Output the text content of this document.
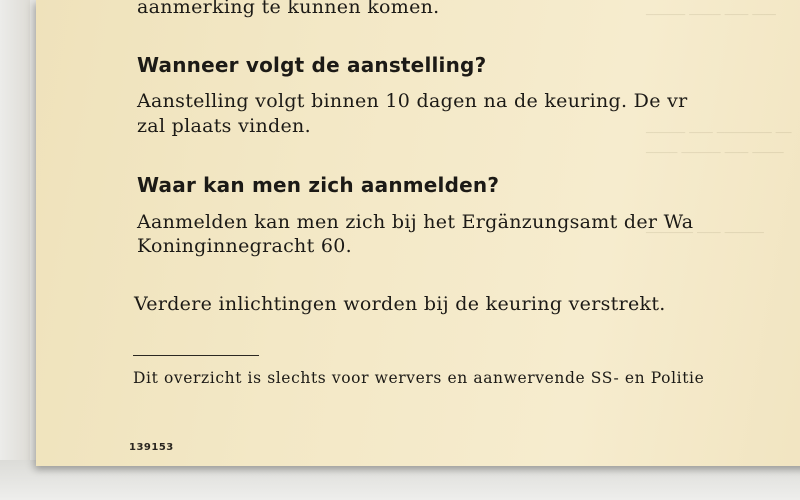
───── ──── ─── ───
───── ─── ─────── ──
──── ───── ─── ────
────── ─── ─────
aanmerking te kunnen komen.
Wanneer volgt de aanstelling?
Aanstelling volgt binnen 10 dagen na de keuring. De vr
zal plaats vinden.
Waar kan men zich aanmelden?
Aanmelden kan men zich bij het Ergänzungsamt der Wa
Koninginnegracht 60.
Verdere inlichtingen worden bij de keuring verstrekt.
Dit overzicht is slechts voor wervers en aanwervende SS- en Politie
139153
